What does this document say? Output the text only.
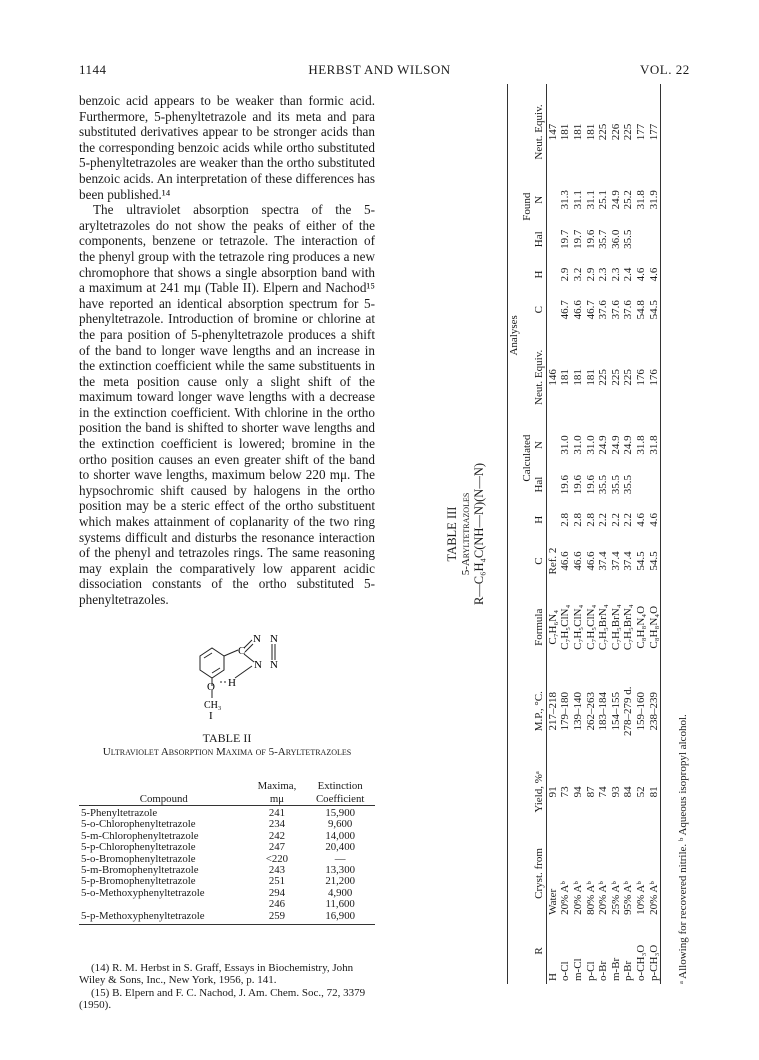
1144	HERBST AND WILSON	VOL. 22

benzoic acid appears to be weaker than formic acid. Furthermore, 5-phenyltetrazole and its meta and para substituted derivatives appear to be stronger acids than the corresponding benzoic acids while ortho substituted 5-phenyltetrazoles are weaker than the ortho substituted benzoic acids. An interpretation of these differences has been published.¹⁴

The ultraviolet absorption spectra of the 5-aryltetrazoles do not show the peaks of either of the components, benzene or tetrazole. The interaction of the phenyl group with the tetrazole ring produces a new chromophore that shows a single absorption band with a maximum at 241 mμ (Table II). Elpern and Nachod¹⁵ have reported an identical absorption spectrum for 5-phenyltetrazole. Introduction of bromine or chlorine at the para position of 5-phenyltetrazole produces a shift of the band to longer wave lengths and an increase in the extinction coefficient while the same substituents in the meta position cause only a slight shift of the maximum toward longer wave lengths with a decrease in the extinction coefficient. With chlorine in the ortho position the band is shifted to shorter wave lengths and the extinction coefficient is lowered; bromine in the ortho position causes an even greater shift of the band to shorter wave lengths, maximum below 220 mμ. The hypsochromic shift caused by halogens in the ortho position may be a steric effect of the ortho substituent which makes attainment of coplanarity of the two ring systems difficult and disturbs the resonance interaction of the phenyl and tetrazoles rings. The same reasoning may explain the comparatively low apparent acidic dissociation constants of the ortho substituted 5-phenyltetrazoles.

C
N N
N N
O H
CH₃
I
TABLE II
Ultraviolet Absorption Maxima of 5-Aryltetrazoles
	Maxima,	Extinction
Compound	mμ	Coefficient
5-Phenyltetrazole	241	15,900
5-o-Chlorophenyltetrazole	234	9,600
5-m-Chlorophenyltetrazole	242	14,000
5-p-Chlorophenyltetrazole	247	20,400
5-o-Bromophenyltetrazole	<220	—
5-m-Bromophenyltetrazole	243	13,300
5-p-Bromophenyltetrazole	251	21,200
5-o-Methoxyphenyltetrazole	294	4,900
	246	11,600
5-p-Methoxyphenyltetrazole	259	16,900

(14) R. M. Herbst in S. Graff, Essays in Biochemistry, John Wiley & Sons, Inc., New York, 1956, p. 141.

(15) B. Elpern and F. C. Nachod, J. Am. Chem. Soc., 72, 3379 (1950).

TABLE III 5-Aryltetrazoles R—C₆H₄C(NH—N)(N—N)
					Analyses									
					Calculated					Found				
R	Cryst. from	Yield, %ᵃ	M.P., °C.	Formula	C	H	Hal	N	Neut. Equiv.	C	H	Hal	N	Neut. Equiv.
H	Water	91	217–218	C₇H₆N₄	Ref. 2				146					147
o-Cl	20% Aᵇ	73	179–180	C₇H₅ClN₄	46.6	2.8	19.6	31.0	181	46.7	2.9	19.7	31.3	181
m-Cl	20% Aᵇ	94	139–140	C₇H₅ClN₄	46.6	2.8	19.6	31.0	181	46.6	3.2	19.7	31.1	181
p-Cl	80% Aᵇ	87	262–263	C₇H₅ClN₄	46.6	2.8	19.6	31.0	181	46.7	2.9	19.6	31.1	181
o-Br	20% Aᵇ	74	183–184	C₇H₅BrN₄	37.4	2.2	35.5	24.9	225	37.6	2.3	35.7	25.1	225
m-Br	25% Aᵇ	93	154–155	C₇H₅BrN₄	37.4	2.2	35.5	24.9	225	37.6	2.3	36.0	24.9	226
p-Br	95% Aᵇ	84	278–279 d.	C₇H₅BrN₄	37.4	2.2	35.5	24.9	225	37.6	2.4	35.5	25.2	225
o-CH₃O	10% Aᵇ	52	159–160	C₈H₈N₄O	54.5	4.6		31.8	176	54.8	4.6		31.8	177
p-CH₃O	20% Aᵇ	81	238–239	C₈H₈N₄O	54.5	4.6		31.8	176	54.5	4.6		31.9	177
ᵃ Allowing for recovered nitrile. ᵇ Aqueous isopropyl alcohol.
